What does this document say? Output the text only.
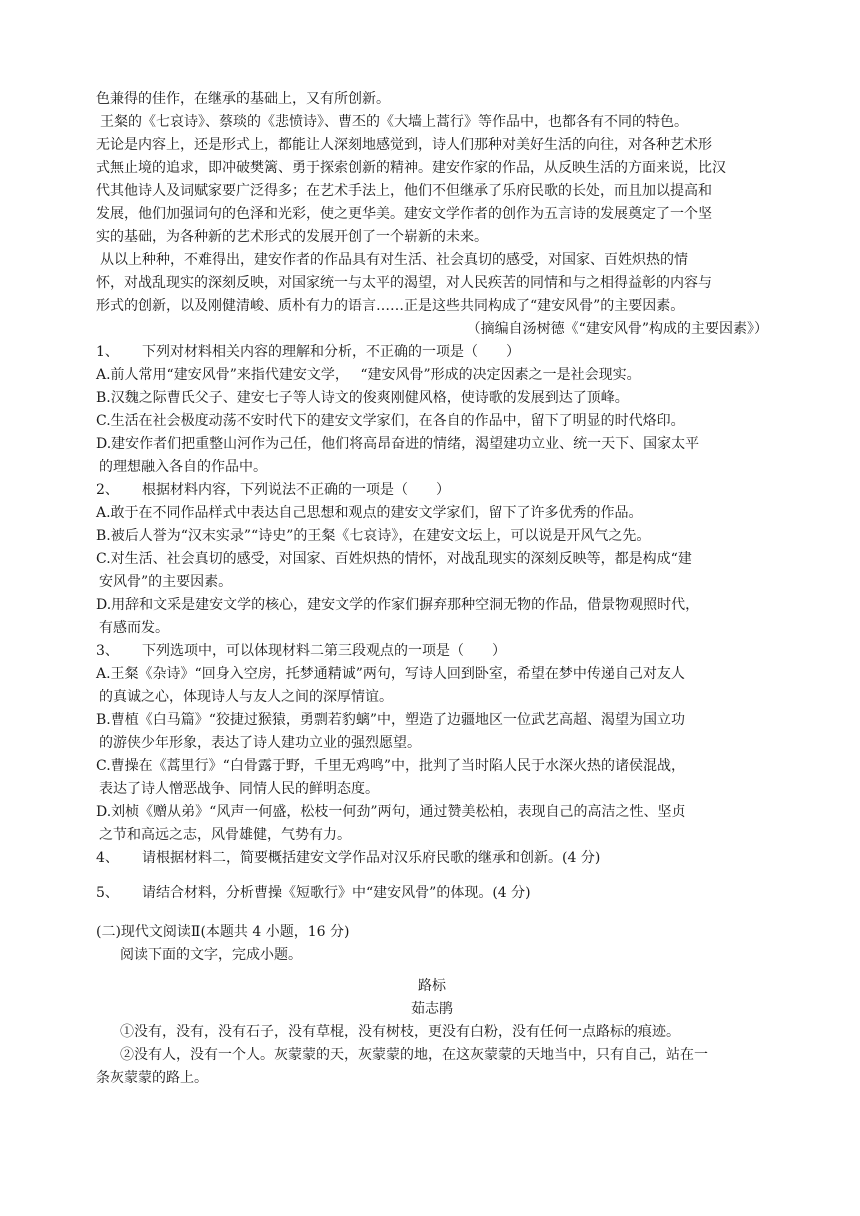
色兼得的佳作，在继承的基础上，又有所创新。
王粲的《七哀诗》、蔡琰的《悲愤诗》、曹丕的《大墙上蒿行》等作品中，也都各有不同的特色。
无论是内容上，还是形式上，都能让人深刻地感觉到，诗人们那种对美好生活的向往，对各种艺术形
式無止境的追求，即冲破樊篱、勇于探索创新的精神。建安作家的作品，从反映生活的方面来说，比汉
代其他诗人及词赋家要广泛得多；在艺术手法上，他们不但继承了乐府民歌的长处，而且加以提高和
发展，他们加强词句的色泽和光彩，使之更华美。建安文学作者的创作为五言诗的发展奠定了一个坚
实的基础，为各种新的艺术形式的发展开创了一个崭新的未来。
从以上种种，不难得出，建安作者的作品具有对生活、社会真切的感受，对国家、百姓炽热的情
怀，对战乱现实的深刻反映，对国家统一与太平的渴望，对人民疾苦的同情和与之相得益彰的内容与
形式的创新，以及刚健清峻、质朴有力的语言……正是这些共同构成了“建安风骨”的主要因素。
（摘编自汤树德《“建安风骨”构成的主要因素》）
1、 下列对材料相关内容的理解和分析，不正确的一项是（　　）
A.前人常用“建安风骨”来指代建安文学，　 “建安风骨”形成的决定因素之一是社会现实。
B.汉魏之际曹氏父子、建安七子等人诗文的俊爽刚健风格，使诗歌的发展到达了顶峰。
C.生活在社会极度动荡不安时代下的建安文学家们，在各自的作品中，留下了明显的时代烙印。
D.建安作者们把重整山河作为己任，他们将高昂奋进的情绪，渴望建功立业、统一天下、国家太平
的理想融入各自的作品中。
2、 根据材料内容，下列说法不正确的一项是（　　）
A.敢于在不同作品样式中表达自己思想和观点的建安文学家们，留下了许多优秀的作品。
B.被后人誉为“汉末实录”“诗史”的王粲《七哀诗》，在建安文坛上，可以说是开风气之先。
C.对生活、社会真切的感受，对国家、百姓炽热的情怀，对战乱现实的深刻反映等，都是构成“建
安风骨”的主要因素。
D.用辞和文采是建安文学的核心，建安文学的作家们摒弃那种空洞无物的作品，借景物观照时代，
有感而发。
3、 下列选项中，可以体现材料二第三段观点的一项是（　　）
A.王粲《杂诗》“回身入空房，托梦通精诚”两句，写诗人回到卧室，希望在梦中传递自己对友人
的真诚之心，体现诗人与友人之间的深厚情谊。
B.曹植《白马篇》“狡捷过猴猿，勇剽若豹螭”中，塑造了边疆地区一位武艺高超、渴望为国立功
的游侠少年形象，表达了诗人建功立业的强烈愿望。
C.曹操在《蒿里行》“白骨露于野，千里无鸡鸣”中，批判了当时陷人民于水深火热的诸侯混战，
表达了诗人憎恶战争、同情人民的鲜明态度。
D.刘桢《赠从弟》“风声一何盛，松枝一何劲”两句，通过赞美松柏，表现自己的高洁之性、坚贞
之节和高远之志，风骨雄健，气势有力。
4、 请根据材料二，简要概括建安文学作品对汉乐府民歌的继承和创新。(4 分)
5、 请结合材料，分析曹操《短歌行》中“建安风骨”的体现。(4 分)
(二)现代文阅读Ⅱ(本题共 4 小题，16 分)
阅读下面的文字，完成小题。
路标
茹志鹃
①没有，没有，没有石子，没有草棍，没有树枝，更没有白粉，没有任何一点路标的痕迹。
②没有人，没有一个人。灰蒙蒙的天，灰蒙蒙的地，在这灰蒙蒙的天地当中，只有自己，站在一
条灰蒙蒙的路上。
